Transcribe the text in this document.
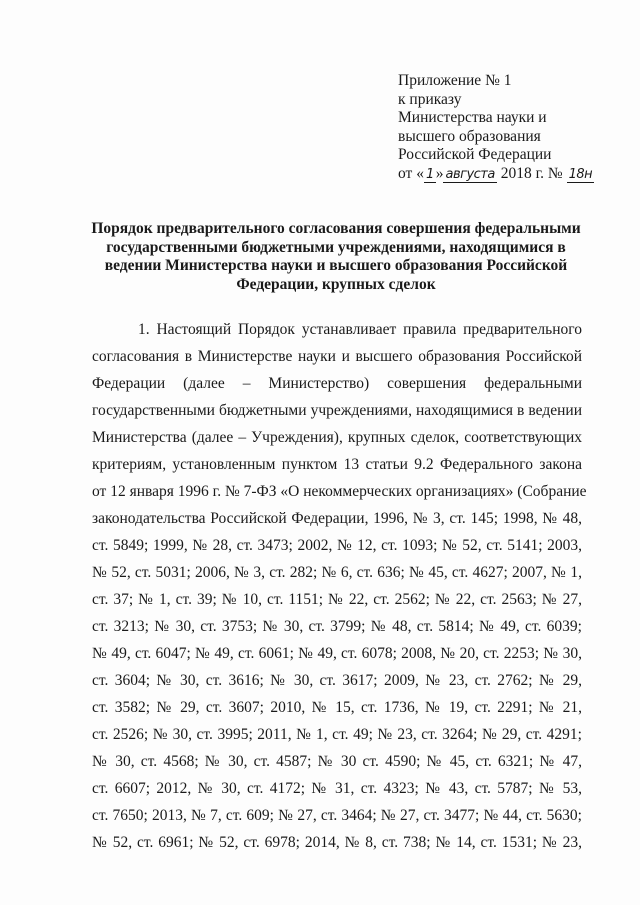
Приложение № 1
к приказу
Министерства науки и
высшего образования
Российской Федерации
от « 1 » августа 2018 г. № 18н
Порядок предварительного согласования совершения федеральными
государственными бюджетными учреждениями, находящимися в
ведении Министерства науки и высшего образования Российской
Федерации, крупных сделок
1. Настоящий Порядок устанавливает правила предварительного
согласования в Министерстве науки и высшего образования Российской
Федерации (далее – Министерство) совершения федеральными
государственными бюджетными учреждениями, находящимися в ведении
Министерства (далее – Учреждения), крупных сделок, соответствующих
критериям, установленным пунктом 13 статьи 9.2 Федерального закона
от 12 января 1996 г. № 7-ФЗ «О некоммерческих организациях» (Собрание
законодательства Российской Федерации, 1996, № 3, ст. 145; 1998, № 48,
ст. 5849; 1999, № 28, ст. 3473; 2002, № 12, ст. 1093; № 52, ст. 5141; 2003,
№ 52, ст. 5031; 2006, № 3, ст. 282; № 6, ст. 636; № 45, ст. 4627; 2007, № 1,
ст. 37; № 1, ст. 39; № 10, ст. 1151; № 22, ст. 2562; № 22, ст. 2563; № 27,
ст. 3213; № 30, ст. 3753; № 30, ст. 3799; № 48, ст. 5814; № 49, ст. 6039;
№ 49, ст. 6047; № 49, ст. 6061; № 49, ст. 6078; 2008, № 20, ст. 2253; № 30,
ст. 3604; № 30, ст. 3616; № 30, ст. 3617; 2009, № 23, ст. 2762; № 29,
ст. 3582; № 29, ст. 3607; 2010, № 15, ст. 1736, № 19, ст. 2291; № 21,
ст. 2526; № 30, ст. 3995; 2011, № 1, ст. 49; № 23, ст. 3264; № 29, ст. 4291;
№ 30, ст. 4568; № 30, ст. 4587; № 30 ст. 4590; № 45, ст. 6321; № 47,
ст. 6607; 2012, № 30, ст. 4172; № 31, ст. 4323; № 43, ст. 5787; № 53,
ст. 7650; 2013, № 7, ст. 609; № 27, ст. 3464; № 27, ст. 3477; № 44, ст. 5630;
№ 52, ст. 6961; № 52, ст. 6978; 2014, № 8, ст. 738; № 14, ст. 1531; № 23,
